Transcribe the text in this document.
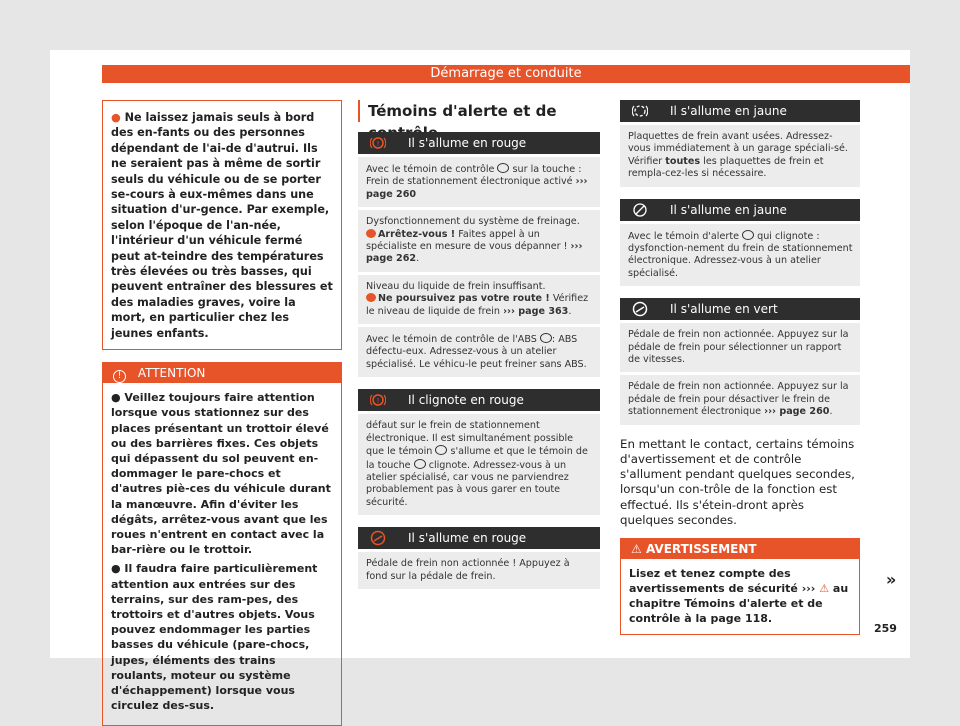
Démarrage et conduite
● Ne laissez jamais seuls à bord des en-fants ou des personnes dépendant de l'ai-de d'autrui. Ils ne seraient pas à même de sortir seuls du véhicule ou de se porter se-cours à eux-mêmes dans une situation d'ur-gence. Par exemple, selon l'époque de l'an-née, l'intérieur d'un véhicule fermé peut at-teindre des températures très élevées ou très basses, qui peuvent entraîner des blessures et des maladies graves, voire la mort, en particulier chez les jeunes enfants.
! ATTENTION

● Veillez toujours faire attention lorsque vous stationnez sur des places présentant un trottoir élevé ou des barrières fixes. Ces objets qui dépassent du sol peuvent en-dommager le pare-chocs et d'autres piè-ces du véhicule durant la manœuvre. Afin d'éviter les dégâts, arrêtez-vous avant que les roues n'entrent en contact avec la bar-rière ou le trottoir.

● Il faudra faire particulièrement attention aux entrées sur des terrains, sur des ram-pes, des trottoirs et d'autres objets. Vous pouvez endommager les parties basses du véhicule (pare-chocs, jupes, éléments des trains roulants, moteur ou système d'échappement) lorsque vous circulez des-sus.

Témoins d'alerte et de
! Il s'allume en rouge
Avec le témoin de contrôle sur la touche : Frein de stationnement électronique activé ››› page 260
Dysfonctionnement du système de freinage.
Arrêtez-vous ! Faites appel à un spécialiste en mesure de vous dépanner ! ››› page 262.
Niveau du liquide de frein insuffisant.
Ne poursuivez pas votre route ! Vérifiez le niveau de liquide de frein ››› page 363.
Avec le témoin de contrôle de l'ABS : ABS défectu-eux. Adressez-vous à un atelier spécialisé. Le véhicu-le peut freiner sans ABS.
! Il clignote en rouge
défaut sur le frein de stationnement électronique. Il est simultanément possible que le témoin s'allume et que le témoin de la touche clignote. Adressez-vous à un atelier spécialisé, car vous ne parviendrez probablement pas à vous garer en toute sécurité.
Il s'allume en rouge
Pédale de frein non actionnée ! Appuyez à fond sur la pédale de frein.
Il s'allume en jaune
Plaquettes de frein avant usées. Adressez-vous immédiatement à un garage spéciali-sé. Vérifier toutes les plaquettes de frein et rempla-cez-les si nécessaire.
Il s'allume en jaune
Avec le témoin d'alerte qui clignote : dysfonction-nement du frein de stationnement électronique. Adressez-vous à un atelier spécialisé.
Il s'allume en vert
Pédale de frein non actionnée. Appuyez sur la pédale de frein pour sélectionner un rapport de vitesses.
Pédale de frein non actionnée. Appuyez sur la pédale de frein pour désactiver le frein de stationnement électronique ››› page 260.
En mettant le contact, certains témoins d'avertissement et de contrôle s'allument pendant quelques secondes, lorsqu'un con-trôle de la fonction est effectué. Ils s'étein-dront après quelques secondes.
⚠ AVERTISSEMENT
Lisez et tenez compte des avertissements de sécurité ››› ⚠ au chapitre Témoins d'alerte et de contrôle à la page 118.
»
259
